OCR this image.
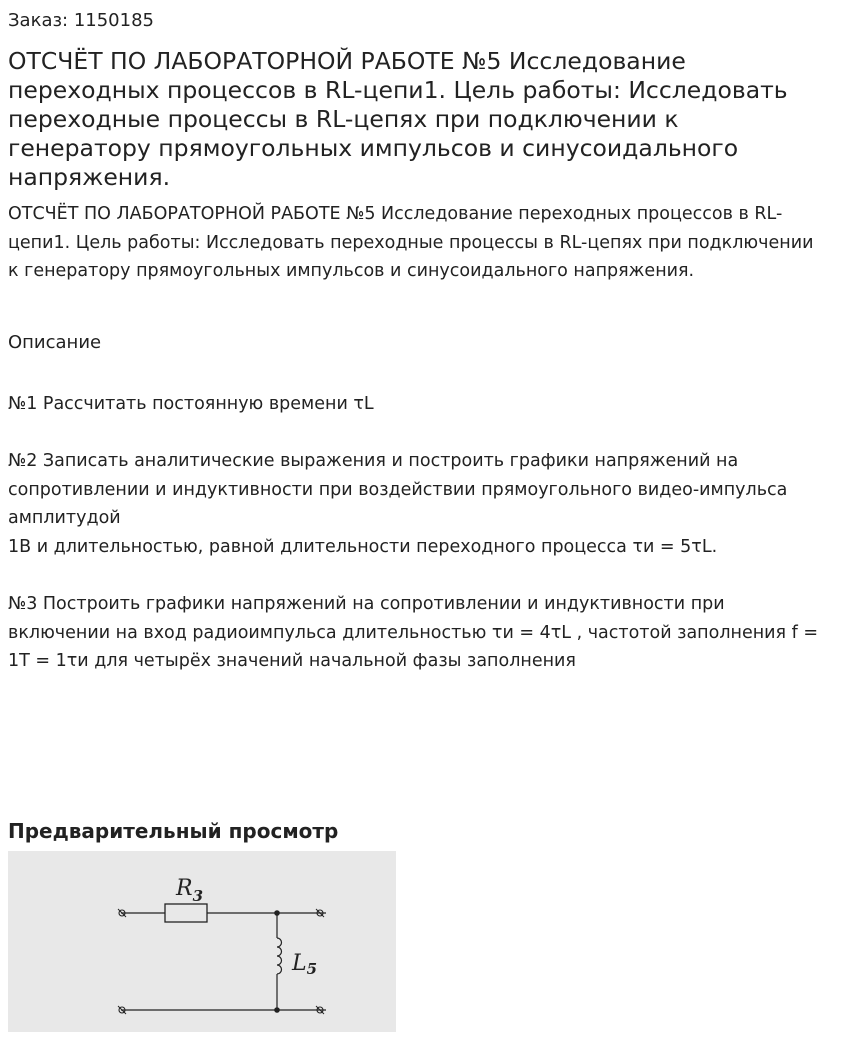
Заказ: 1150185
ОТСЧЁТ ПО ЛАБОРАТОРНОЙ РАБОТЕ №5 Исследование переходных процессов в RL-цепи1. Цель работы: Исследовать переходные процессы в RL-цепях при подключении к генератору прямоугольных импульсов и синусоидального напряжения.

ОТСЧЁТ ПО ЛАБОРАТОРНОЙ РАБОТЕ №5 Исследование переходных процессов в RL-цепи1. Цель работы: Исследовать переходные процессы в RL-цепях при подключении к генератору прямоугольных импульсов и синусоидального напряжения.

Описание

№1 Рассчитать постоянную времени τL

№2 Записать аналитические выражения и построить графики напряжений на сопротивлении и индуктивности при воздействии прямоугольного видео-импульса амплитудой
1В и длительностью, равной длительности переходного процесса τи = 5τL.

№3 Построить графики напряжений на сопротивлении и индуктивности при включении на вход радиоимпульса длительностью τи = 4τL , частотой заполнения f = 1T = 1τи для четырёх значений начальной фазы заполнения

Предварительный просмотр
$R_3$
L5
